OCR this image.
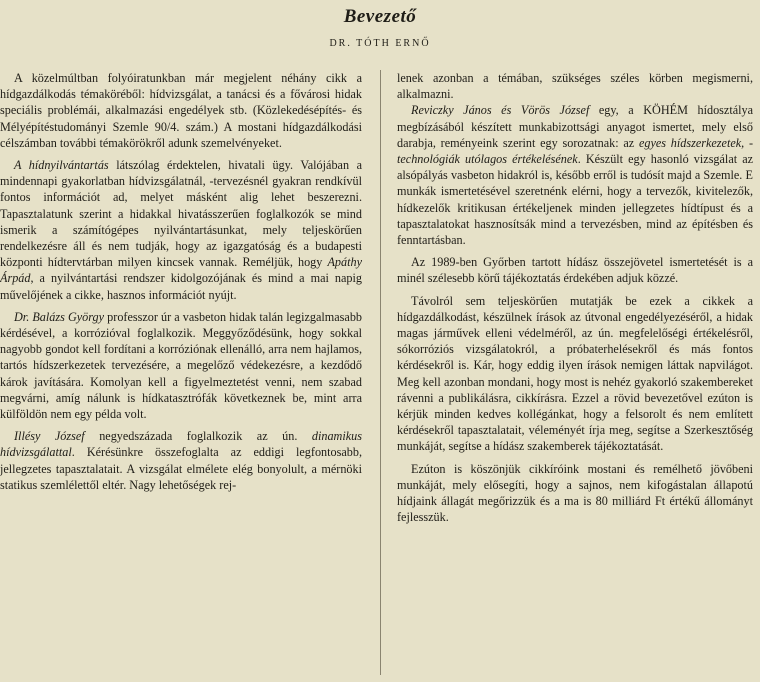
Bevezető
DR. TÓTH ERNŐ

A közelmúltban folyóiratunkban már megjelent néhány cikk a hídgazdálkodás témaköréből: hídvizsgálat, a tanácsi és a fővárosi hidak speciális problémái, alkalmazási engedélyek stb. (Közlekedésépítés- és Mélyépítéstudományi Szemle 90/4. szám.) A mostani hídgazdálkodási célszámban további témakörökről adunk szemelvényeket.

A hídnyilvántartás látszólag érdektelen, hivatali ügy. Valójában a mindennapi gyakorlatban hídvizsgálatnál, -tervezésnél gyakran rendkívül fontos információt ad, melyet másként alig lehet beszerezni. Tapasztalatunk szerint a hidakkal hivatásszerűen foglalkozók se mind ismerik a számítógépes nyilvántartásunkat, mely teljeskörűen rendelkezésre áll és nem tudják, hogy az igazgatóság és a budapesti központi hídtervtárban milyen kincsek vannak. Reméljük, hogy Apáthy Árpád, a nyilvántartási rendszer kidolgozójának és mind a mai napig művelőjének a cikke, hasznos információt nyújt.

Dr. Balázs György professzor úr a vasbeton hidak talán legizgalmasabb kérdésével, a korrózióval foglalkozik. Meggyőződésünk, hogy sokkal nagyobb gondot kell fordítani a korróziónak ellenálló, arra nem hajlamos, tartós hídszerkezetek tervezésére, a megelőző védekezésre, a kezdődő károk javítására. Komolyan kell a figyelmeztetést venni, nem szabad megvárni, amíg nálunk is hídkatasztrófák következnek be, mint arra külföldön nem egy példa volt.

Illésy József negyedszázada foglalkozik az ún. dinamikus hídvizsgálattal. Kérésünkre összefoglalta az eddigi legfontosabb, jellegzetes tapasztalatait. A vizsgálat elmélete elég bonyolult, a mérnöki statikus szemlélettől eltér. Nagy lehetőségek rej-

lenek azonban a témában, szükséges széles körben megismerni, alkalmazni.

Reviczky János és Vörös József egy, a KÖHÉM hídosztálya megbízásából készített munkabizottsági anyagot ismertet, mely első darabja, reményeink szerint egy sorozatnak: az egyes hídszerkezetek, -technológiák utólagos értékelésének. Készült egy hasonló vizsgálat az alsópályás vasbeton hidakról is, később erről is tudósít majd a Szemle. E munkák ismertetésével szeretnénk elérni, hogy a tervezők, kivitelezők, hídkezelők kritikusan értékeljenek minden jellegzetes hídtípust és a tapasztalatokat hasznosítsák mind a tervezésben, mind az építésben és fenntartásban.

Az 1989-ben Győrben tartott hídász összejövetel ismertetését is a minél szélesebb körű tájékoztatás érdekében adjuk közzé.

Távolról sem teljeskörűen mutatják be ezek a cikkek a hídgazdálkodást, készülnek írások az útvonal engedélyezéséről, a hidak magas járművek elleni védelméről, az ún. megfelelőségi értékelésről, sókorróziós vizsgálatokról, a próbaterhelésekről és más fontos kérdésekről is. Kár, hogy eddig ilyen írások nemigen láttak napvilágot. Meg kell azonban mondani, hogy most is nehéz gyakorló szakembereket rávenni a publikálásra, cikkírásra. Ezzel a rövid bevezetővel ezúton is kérjük minden kedves kollégánkat, hogy a felsorolt és nem említett kérdésekről tapasztalatait, véleményét írja meg, segítse a Szerkesztőség munkáját, segítse a hídász szakemberek tájékoztatását.

Ezúton is köszönjük cikkíróink mostani és remélhető jövőbeni munkáját, mely elősegíti, hogy a sajnos, nem kifogástalan állapotú hídjaink állagát megőrizzük és a ma is 80 milliárd Ft értékű állományt fejlesszük.
